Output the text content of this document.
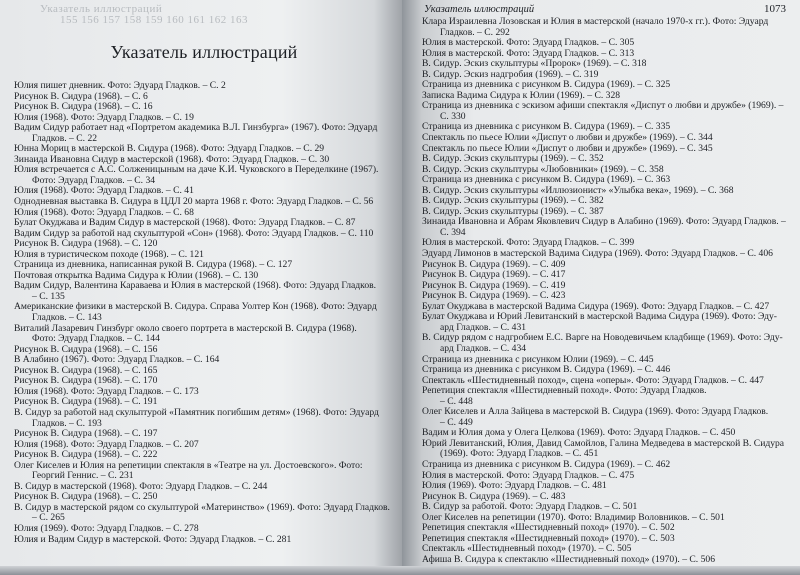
Указатель иллюстраций
155 156 157 158 159 160 161 162 163
Указатель иллюстраций
Юлия пишет дневник. Фото: Эдуард Гладков. – С. 2
Рисунок В. Сидура (1968). – С. 6
Рисунок В. Сидура (1968). – С. 16
Юлия (1968). Фото: Эдуард Гладков. – С. 19
Вадим Сидур работает над «Портретом академика В.Л. Гинзбурга» (1967). Фото: Эдуард
Гладков. – С. 22
Юнна Мориц в мастерской В. Сидура (1968). Фото: Эдуард Гладков. – С. 29
Зинаида Ивановна Сидур в мастерской (1968). Фото: Эдуард Гладков. – С. 30
Юлия встречается с А.С. Солженицыным на даче К.И. Чуковского в Переделкине (1967).
Фото: Эдуард Гладков. – С. 34
Юлия (1968). Фото: Эдуард Гладков. – С. 41
Однодневная выставка В. Сидура в ЦДЛ 20 марта 1968 г. Фото: Эдуард Гладков. – С. 56
Юлия (1968). Фото: Эдуард Гладков. – С. 68
Булат Окуджава и Вадим Сидур в мастерской (1968). Фото: Эдуард Гладков. – С. 87
Вадим Сидур за работой над скульптурой «Сон» (1968). Фото: Эдуард Гладков. – С. 110
Рисунок В. Сидура (1968). – С. 120
Юлия в туристическом походе (1968). – С. 121
Страница из дневника, написанная рукой В. Сидура (1968). – С. 127
Почтовая открытка Вадима Сидура к Юлии (1968). – С. 130
Вадим Сидур, Валентина Караваева и Юлия в мастерской (1968). Фото: Эдуард Гладков.
– С. 135
Американские физики в мастерской В. Сидура. Справа Уолтер Кон (1968). Фото: Эдуард
Гладков. – С. 143
Виталий Лазаревич Гинзбург около своего портрета в мастерской В. Сидура (1968).
Фото: Эдуард Гладков. – С. 144
Рисунок В. Сидура (1968). – С. 156
В Алабино (1967). Фото: Эдуард Гладков. – С. 164
Рисунок В. Сидура (1968). – С. 165
Рисунок В. Сидура (1968). – С. 170
Юлия (1968). Фото: Эдуард Гладков. – С. 173
Рисунок В. Сидура (1968). – С. 191
В. Сидур за работой над скульптурой «Памятник погибшим детям» (1968). Фото: Эдуард
Гладков. – С. 193
Рисунок В. Сидура (1968). – С. 197
Юлия (1968). Фото: Эдуард Гладков. – С. 207
Рисунок В. Сидура (1968). – С. 222
Олег Киселев и Юлия на репетиции спектакля в «Театре на ул. Достоевского». Фото:
Георгий Геннис. – С. 231
В. Сидур в мастерской (1968). Фото: Эдуард Гладков. – С. 244
Рисунок В. Сидура (1968). – С. 250
В. Сидур в мастерской рядом со скульптурой «Материнство» (1969). Фото: Эдуард Гладков.
– С. 265
Юлия (1969). Фото: Эдуард Гладков. – С. 278
Юлия и Вадим Сидур в мастерской. Фото: Эдуард Гладков. – С. 281
Указатель иллюстраций	1073
Клара Израилевна Лозовская и Юлия в мастерской (начало 1970-х гг.). Фото: Эдуард
Гладков. – С. 292
Юлия в мастерской. Фото: Эдуард Гладков. – С. 305
Юлия в мастерской. Фото: Эдуард Гладков. – С. 313
В. Сидур. Эскиз скульптуры «Пророк» (1969). – С. 318
В. Сидур. Эскиз надгробия (1969). – С. 319
Страница из дневника с рисунком В. Сидура (1969). – С. 325
Записка Вадима Сидура к Юлии (1969). – С. 328
Страница из дневника с эскизом афиши спектакля «Диспут о любви и дружбе» (1969). –
С. 330
Страница из дневника с рисунком В. Сидура (1969). – С. 335
Спектакль по пьесе Юлии «Диспут о любви и дружбе» (1969). – С. 344
Спектакль по пьесе Юлии «Диспут о любви и дружбе» (1969). – С. 345
В. Сидур. Эскиз скульптуры (1969). – С. 352
В. Сидур. Эскиз скульптуры «Любовники» (1969). – С. 358
Страница из дневника с рисунком В. Сидура (1969). – С. 363
В. Сидур. Эскиз скульптуры «Иллюзионист» «Улыбка века», 1969). – С. 368
В. Сидур. Эскиз скульптуры (1969). – С. 382
В. Сидур. Эскиз скульптуры (1969). – С. 387
Зинаида Ивановна и Абрам Яковлевич Сидур в Алабино (1969). Фото: Эдуард Гладков. –
С. 394
Юлия в мастерской. Фото: Эдуард Гладков. – С. 399
Эдуард Лимонов в мастерской Вадима Сидура (1969). Фото: Эдуард Гладков. – С. 406
Рисунок В. Сидура (1969). – С. 409
Рисунок В. Сидура (1969). – С. 417
Рисунок В. Сидура (1969). – С. 419
Рисунок В. Сидура (1969). – С. 423
Булат Окуджава в мастерской Вадима Сидура (1969). Фото: Эдуард Гладков. – С. 427
Булат Окуджава и Юрий Левитанский в мастерской Вадима Сидура (1969). Фото: Эду-
ард Гладков. – С. 431
В. Сидур рядом с надгробием Е.С. Варге на Новодевичьем кладбище (1969). Фото: Эду-
ард Гладков. – С. 434
Страница из дневника с рисунком Юлии (1969). – С. 445
Страница из дневника с рисунком В. Сидура (1969). – С. 446
Спектакль «Шестидневный поход», сцена «оперы». Фото: Эдуард Гладков. – С. 447
Репетиция спектакля «Шестидневный поход». Фото: Эдуард Гладков.
– С. 448
Олег Киселев и Алла Зайцева в мастерской В. Сидура (1969). Фото: Эдуард Гладков.
– С. 449
Вадим и Юлия дома у Олега Целкова (1969). Фото: Эдуард Гладков. – С. 450
Юрий Левитанский, Юлия, Давид Самойлов, Галина Медведева в мастерской В. Сидура
(1969). Фото: Эдуард Гладков. – С. 451
Страница из дневника с рисунком В. Сидура (1969). – С. 462
Юлия в мастерской. Фото: Эдуард Гладков. – С. 475
Юлия (1969). Фото: Эдуард Гладков. – С. 481
Рисунок В. Сидура (1969). – С. 483
В. Сидур за работой. Фото: Эдуард Гладков. – С. 501
Олег Киселев на репетиции (1970). Фото: Владимир Воловников. – С. 501
Репетиция спектакля «Шестидневный поход» (1970). – С. 502
Репетиция спектакля «Шестидневный поход» (1970). – С. 503
Спектакль «Шестидневный поход» (1970). – С. 505
Афиша В. Сидура к спектаклю «Шестидневный поход» (1970). – С. 506
